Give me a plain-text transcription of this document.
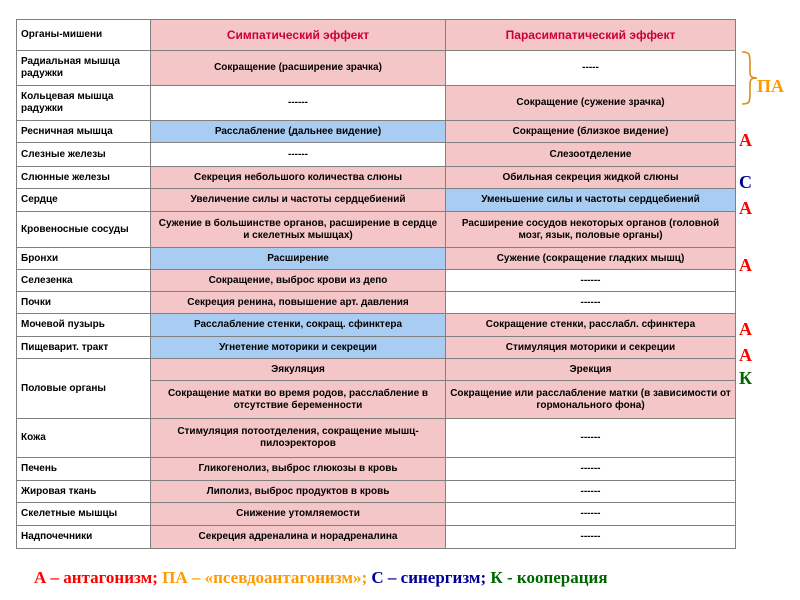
Органы-мишени	Симпатический эффект	Парасимпатический эффект
Радиальная мышца радужки	Сокращение (расширение зрачка)	-----
Кольцевая мышца радужки	------	Сокращение (сужение зрачка)
Ресничная мышца	Расслабление (дальнее видение)	Сокращение (близкое видение)
Слезные железы	------	Слезоотделение
Слюнные железы	Секреция небольшого количества слюны	Обильная секреция жидкой слюны
Сердце	Увеличение силы и частоты сердцебиений	Уменьшение силы и частоты сердцебиений
Кровеносные сосуды	Сужение в большинстве органов, расширение в сердце и скелетных мышцах)	Расширение сосудов некоторых органов (головной мозг, язык, половые органы)
Бронхи	Расширение	Сужение (сокращение гладких мышц)
Селезенка	Сокращение, выброс крови из депо	------
Почки	Секреция ренина, повышение арт. давления	------
Мочевой пузырь	Расслабление стенки, сокращ. сфинктера	Сокращение стенки, расслабл. сфинктера
Пищеварит. тракт	Угнетение моторики и секреции	Стимуляция моторики и секреции
Половые органы	Эякуляция	Эрекция
	Сокращение матки во время родов, расслабление в отсутствие беременности	Сокращение или расслабление матки (в зависимости от гормонального фона)
Кожа	Стимуляция потоотделения, сокращение мышц-пилоэректоров	------
Печень	Гликогенолиз, выброс глюкозы в кровь	------
Жировая ткань	Липолиз, выброс продуктов в кровь	------
Скелетные мышцы	Снижение утомляемости	------
Надпочечники	Секреция адреналина и норадреналина	------
ПА
А
С
А
А
А
А
К
А – антагонизм; ПА – «псевдоантагонизм»; С – синергизм; К - кооперация
